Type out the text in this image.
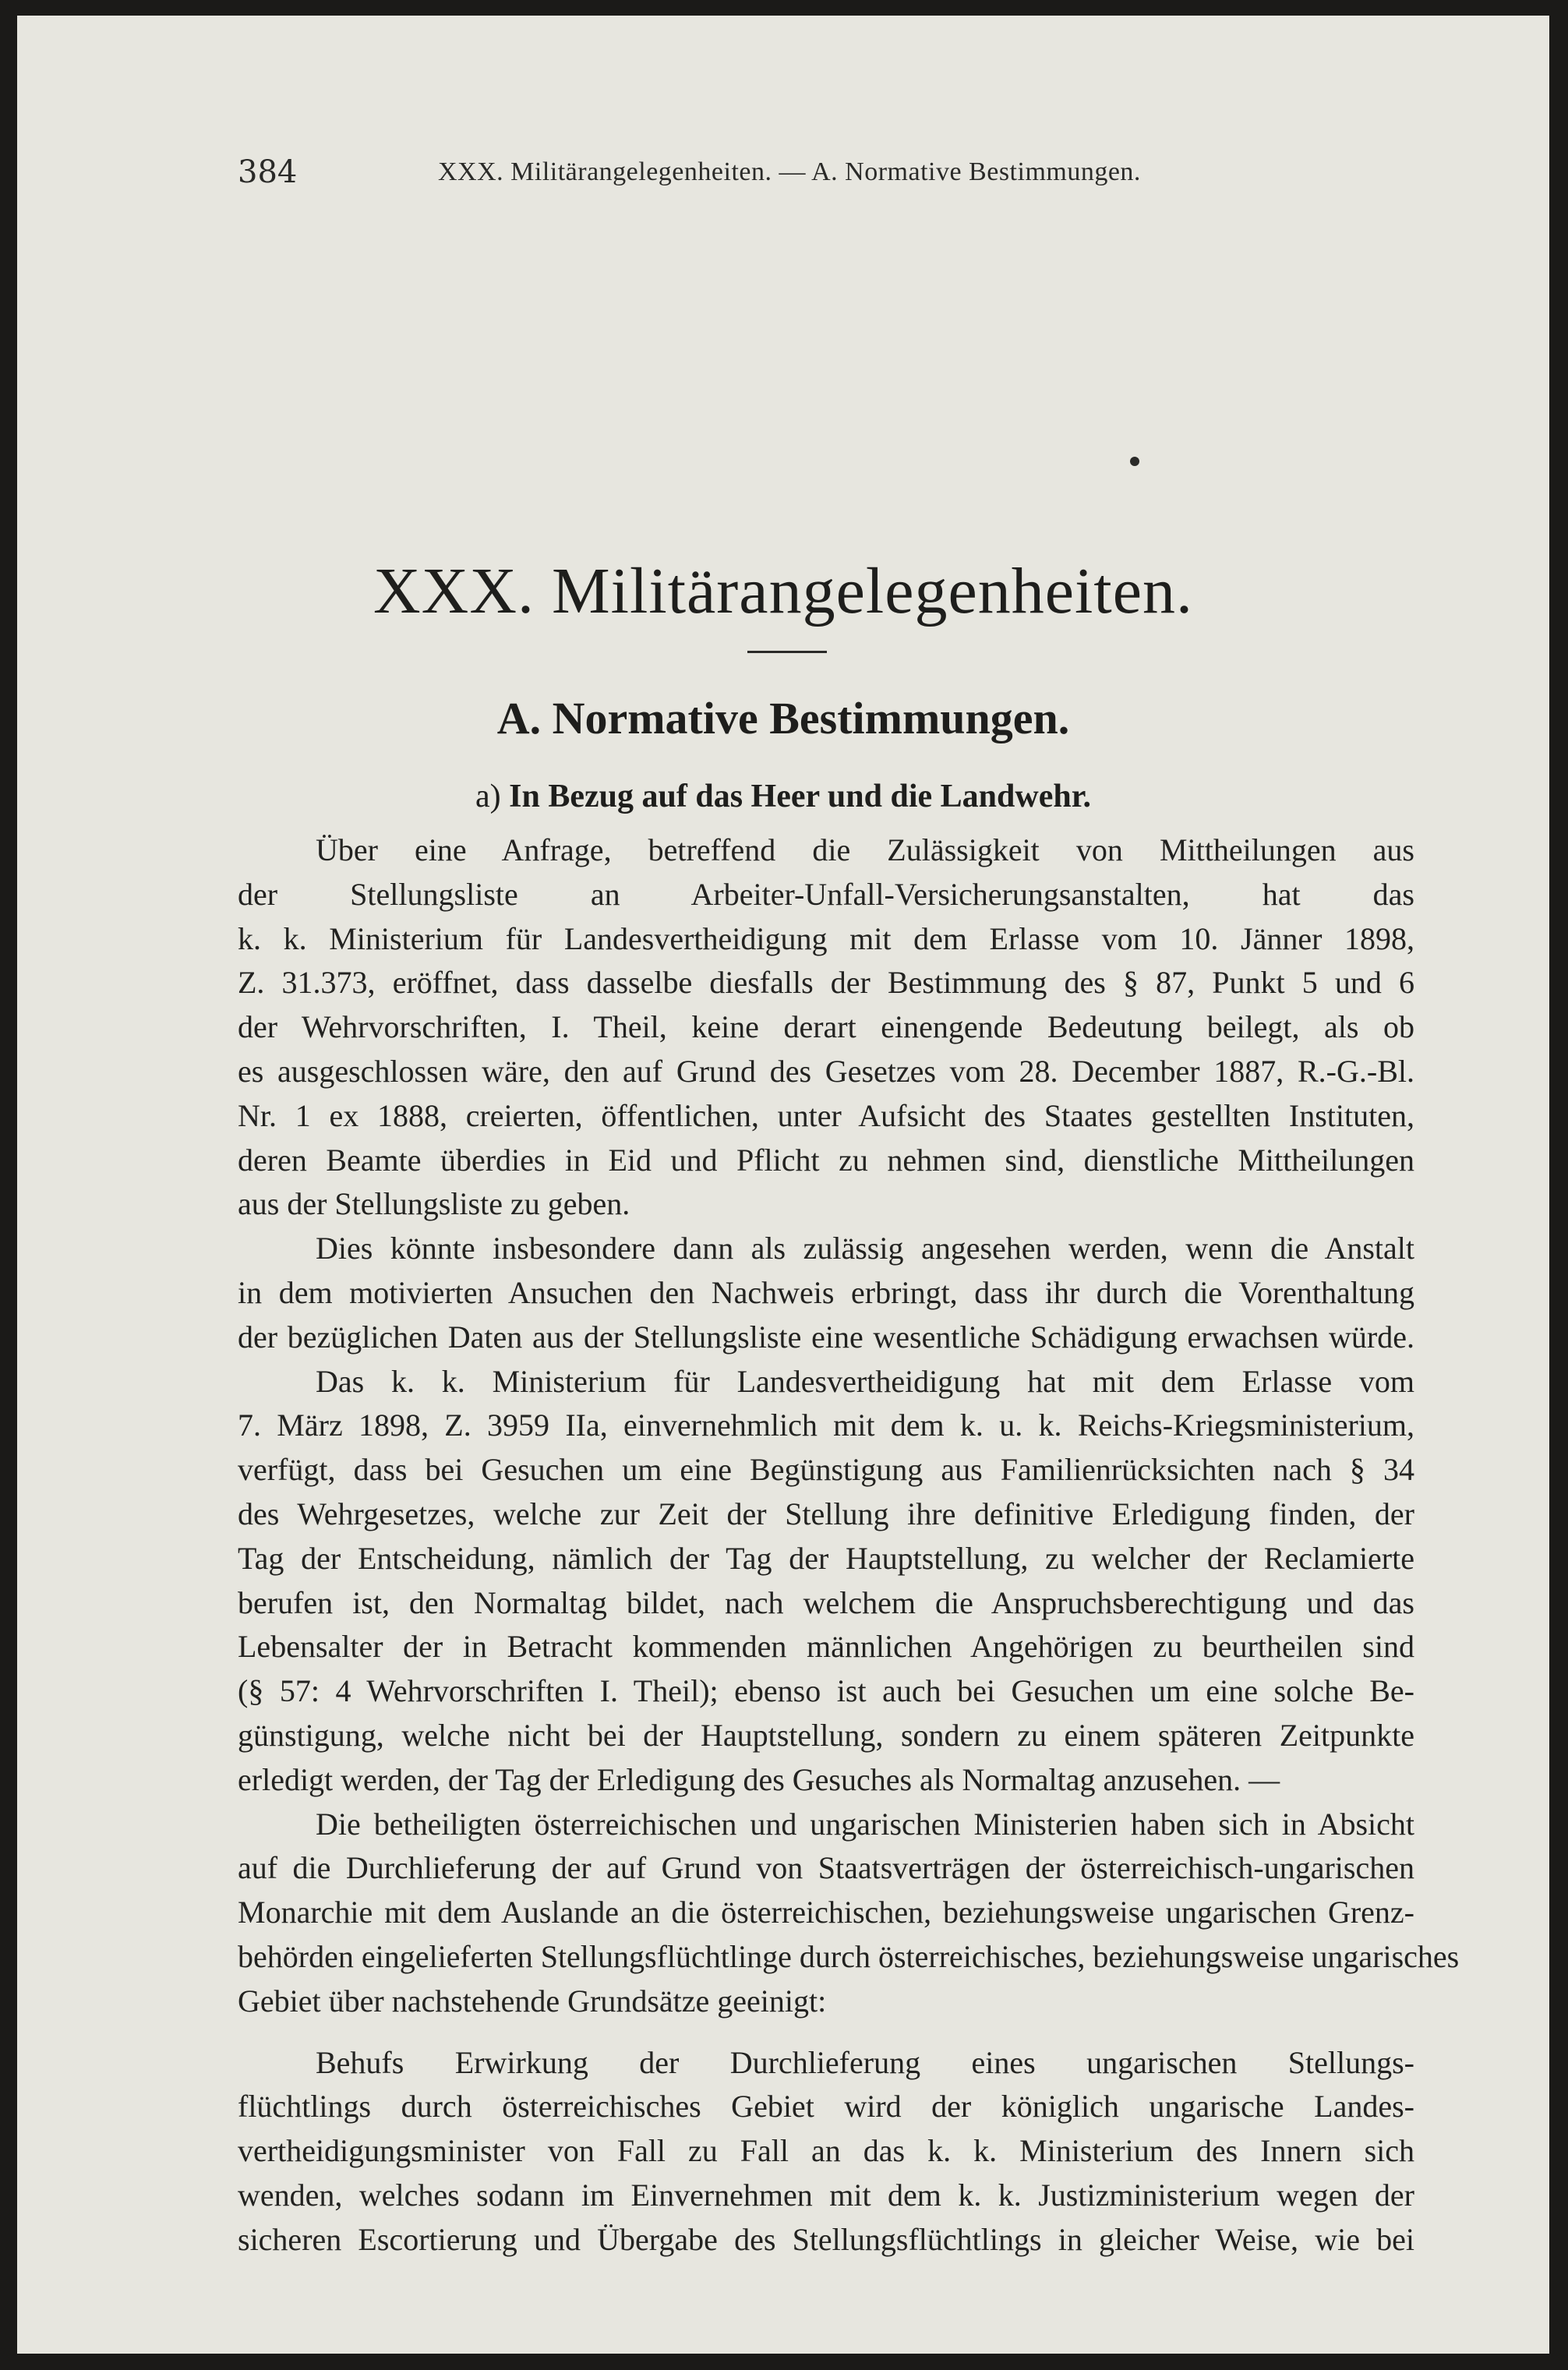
384	XXX. Militärangelegenheiten. — A. Normative Bestimmungen.
XXX. Militärangelegenheiten.
A. Normative Bestimmungen.
a) In Bezug auf das Heer und die Landwehr.
Über eine Anfrage, betreffend die Zulässigkeit von Mittheilungen aus
der Stellungsliste an Arbeiter-Unfall-Versicherungsanstalten, hat das
k. k. Ministerium für Landesvertheidigung mit dem Erlasse vom 10. Jänner 1898,
Z. 31.373, eröffnet, dass dasselbe diesfalls der Bestimmung des § 87, Punkt 5 und 6
der Wehrvorschriften, I. Theil, keine derart einengende Bedeutung beilegt, als ob
es ausgeschlossen wäre, den auf Grund des Gesetzes vom 28. December 1887, R.-G.-Bl.
Nr. 1 ex 1888, creierten, öffentlichen, unter Aufsicht des Staates gestellten Instituten,
deren Beamte überdies in Eid und Pflicht zu nehmen sind, dienstliche Mittheilungen
aus der Stellungsliste zu geben.
Dies könnte insbesondere dann als zulässig angesehen werden, wenn die Anstalt
in dem motivierten Ansuchen den Nachweis erbringt, dass ihr durch die Vorenthaltung
der bezüglichen Daten aus der Stellungsliste eine wesentliche Schädigung erwachsen würde.
Das k. k. Ministerium für Landesvertheidigung hat mit dem Erlasse vom
7. März 1898, Z. 3959 IIa, einvernehmlich mit dem k. u. k. Reichs-Kriegsministerium,
verfügt, dass bei Gesuchen um eine Begünstigung aus Familienrücksichten nach § 34
des Wehrgesetzes, welche zur Zeit der Stellung ihre definitive Erledigung finden, der
Tag der Entscheidung, nämlich der Tag der Hauptstellung, zu welcher der Reclamierte
berufen ist, den Normaltag bildet, nach welchem die Anspruchsberechtigung und das
Lebensalter der in Betracht kommenden männlichen Angehörigen zu beurtheilen sind
(§ 57: 4 Wehrvorschriften I. Theil); ebenso ist auch bei Gesuchen um eine solche Be-
günstigung, welche nicht bei der Hauptstellung, sondern zu einem späteren Zeitpunkte
erledigt werden, der Tag der Erledigung des Gesuches als Normaltag anzusehen. —
Die betheiligten österreichischen und ungarischen Ministerien haben sich in Absicht
auf die Durchlieferung der auf Grund von Staatsverträgen der österreichisch-ungarischen
Monarchie mit dem Auslande an die österreichischen, beziehungsweise ungarischen Grenz-
behörden eingelieferten Stellungsflüchtlinge durch österreichisches, beziehungsweise ungarisches
Gebiet über nachstehende Grundsätze geeinigt:
Behufs Erwirkung der Durchlieferung eines ungarischen Stellungs-
flüchtlings durch österreichisches Gebiet wird der königlich ungarische Landes-
vertheidigungsminister von Fall zu Fall an das k. k. Ministerium des Innern sich
wenden, welches sodann im Einvernehmen mit dem k. k. Justizministerium wegen der
sicheren Escortierung und Übergabe des Stellungsflüchtlings in gleicher Weise, wie bei
